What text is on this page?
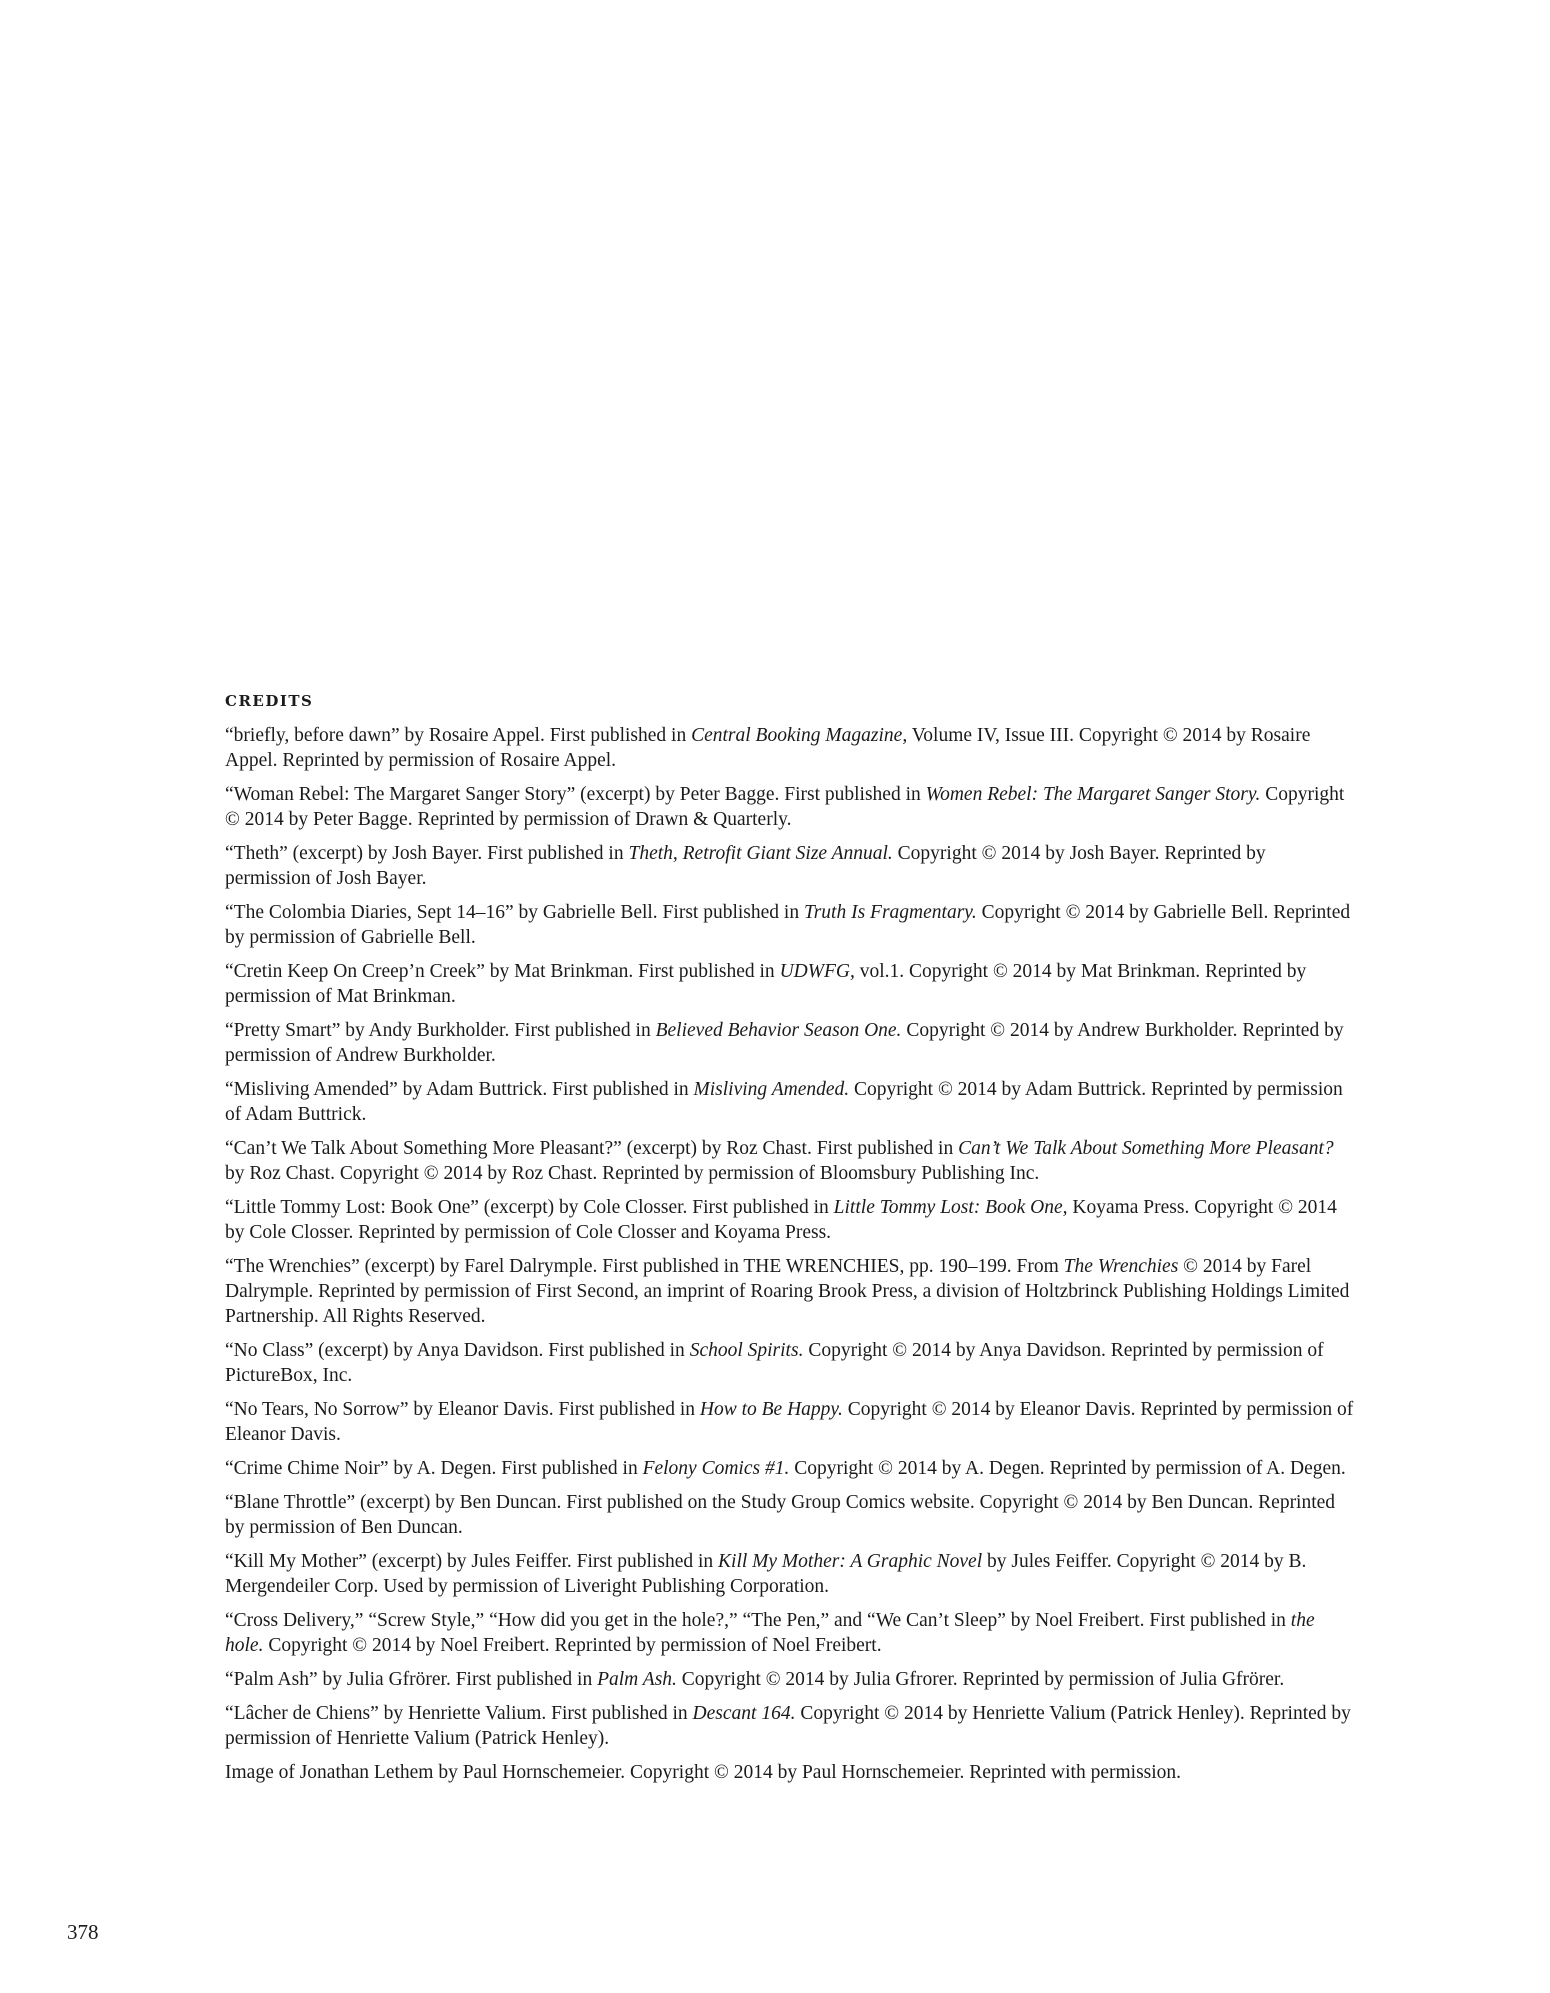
CREDITS

“briefly, before dawn” by Rosaire Appel. First published in Central Booking Magazine, Volume IV, Issue III. Copyright © 2014 by Rosaire Appel. Reprinted by permission of Rosaire Appel.

“Woman Rebel: The Margaret Sanger Story” (excerpt) by Peter Bagge. First published in Women Rebel: The Margaret Sanger Story. Copyright © 2014 by Peter Bagge. Reprinted by permission of Drawn & Quarterly.

“Theth” (excerpt) by Josh Bayer. First published in Theth, Retrofit Giant Size Annual. Copyright © 2014 by Josh Bayer. Reprinted by permission of Josh Bayer.

“The Colombia Diaries, Sept 14–16” by Gabrielle Bell. First published in Truth Is Fragmentary. Copyright © 2014 by Gabrielle Bell. Reprinted by permission of Gabrielle Bell.

“Cretin Keep On Creep’n Creek” by Mat Brinkman. First published in UDWFG, vol.1. Copyright © 2014 by Mat Brinkman. Reprinted by permission of Mat Brinkman.

“Pretty Smart” by Andy Burkholder. First published in Believed Behavior Season One. Copyright © 2014 by Andrew Burkholder. Reprinted by permission of Andrew Burkholder.

“Misliving Amended” by Adam Buttrick. First published in Misliving Amended. Copyright © 2014 by Adam Buttrick. Reprinted by permission of Adam Buttrick.

“Can’t We Talk About Something More Pleasant?” (excerpt) by Roz Chast. First published in Can’t We Talk About Something More Pleasant? by Roz Chast. Copyright © 2014 by Roz Chast. Reprinted by permission of Bloomsbury Publishing Inc.

“Little Tommy Lost: Book One” (excerpt) by Cole Closser. First published in Little Tommy Lost: Book One, Koyama Press. Copyright © 2014 by Cole Closser. Reprinted by permission of Cole Closser and Koyama Press.

“The Wrenchies” (excerpt) by Farel Dalrymple. First published in THE WRENCHIES, pp. 190–199. From The Wrenchies © 2014 by Farel Dalrymple. Reprinted by permission of First Second, an imprint of Roaring Brook Press, a division of Holtzbrinck Publishing Holdings Limited Partnership. All Rights Reserved.

“No Class” (excerpt) by Anya Davidson. First published in School Spirits. Copyright © 2014 by Anya Davidson. Reprinted by permission of PictureBox, Inc.

“No Tears, No Sorrow” by Eleanor Davis. First published in How to Be Happy. Copyright © 2014 by Eleanor Davis. Reprinted by permission of Eleanor Davis.

“Crime Chime Noir” by A. Degen. First published in Felony Comics #1. Copyright © 2014 by A. Degen. Reprinted by permission of A. Degen.

“Blane Throttle” (excerpt) by Ben Duncan. First published on the Study Group Comics website. Copyright © 2014 by Ben Duncan. Reprinted by permission of Ben Duncan.

“Kill My Mother” (excerpt) by Jules Feiffer. First published in Kill My Mother: A Graphic Novel by Jules Feiffer. Copyright © 2014 by B. Mergendeiler Corp. Used by permission of Liveright Publishing Corporation.

“Cross Delivery,” “Screw Style,” “How did you get in the hole?,” “The Pen,” and “We Can’t Sleep” by Noel Freibert. First published in the hole. Copyright © 2014 by Noel Freibert. Reprinted by permission of Noel Freibert.

“Palm Ash” by Julia Gfrörer. First published in Palm Ash. Copyright © 2014 by Julia Gfrorer. Reprinted by permission of Julia Gfrörer.

“Lâcher de Chiens” by Henriette Valium. First published in Descant 164. Copyright © 2014 by Henriette Valium (Patrick Henley). Reprinted by permission of Henriette Valium (Patrick Henley).

Image of Jonathan Lethem by Paul Hornschemeier. Copyright © 2014 by Paul Hornschemeier. Reprinted with permission.

378
